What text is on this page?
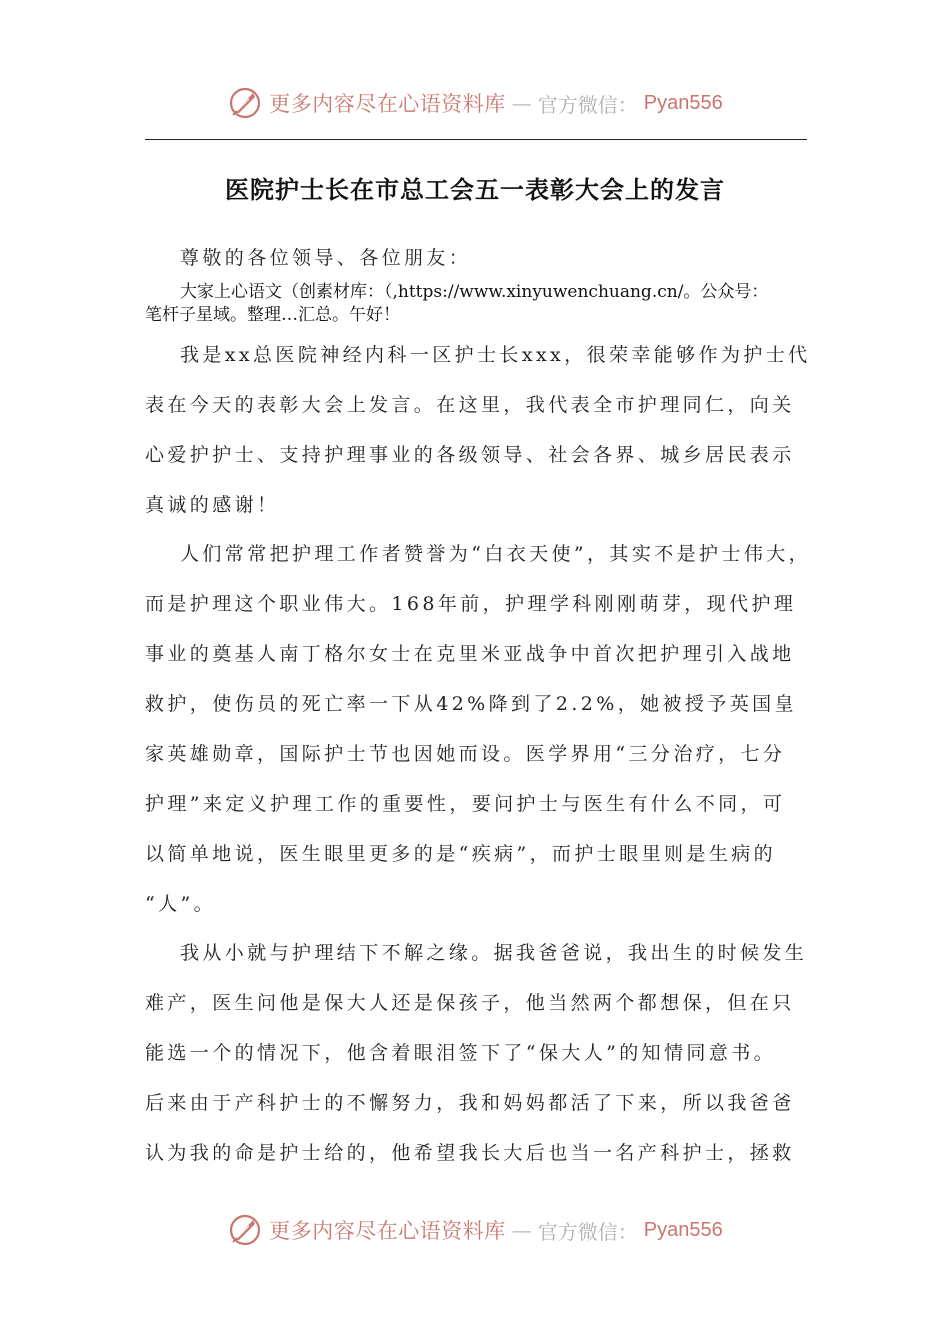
更多内容尽在心语资料库 — 官方微信： Pyan556
医院护士长在市总工会五一表彰大会上的发言

尊敬的各位领导、各位朋友：

大家上心语文（创素材库：（,https://www.xinyuwenchuang.cn/。公众号：
笔杆子星域。整理…汇总。午好！

我是xx总医院神经内科一区护士长xxx，很荣幸能够作为护士代
表在今天的表彰大会上发言。在这里，我代表全市护理同仁，向关
心爱护护士、支持护理事业的各级领导、社会各界、城乡居民表示
真诚的感谢！

人们常常把护理工作者赞誉为“白衣天使”，其实不是护士伟大，
而是护理这个职业伟大。168年前，护理学科刚刚萌芽，现代护理
事业的奠基人南丁格尔女士在克里米亚战争中首次把护理引入战地
救护，使伤员的死亡率一下从42%降到了2.2%，她被授予英国皇
家英雄勋章，国际护士节也因她而设。医学界用“三分治疗，七分
护理”来定义护理工作的重要性，要问护士与医生有什么不同，可
以简单地说，医生眼里更多的是“疾病”，而护士眼里则是生病的
“人”。

我从小就与护理结下不解之缘。据我爸爸说，我出生的时候发生
难产，医生问他是保大人还是保孩子，他当然两个都想保，但在只
能选一个的情况下，他含着眼泪签下了“保大人”的知情同意书。
后来由于产科护士的不懈努力，我和妈妈都活了下来，所以我爸爸
认为我的命是护士给的，他希望我长大后也当一名产科护士，拯救

更多内容尽在心语资料库 — 官方微信： Pyan556
